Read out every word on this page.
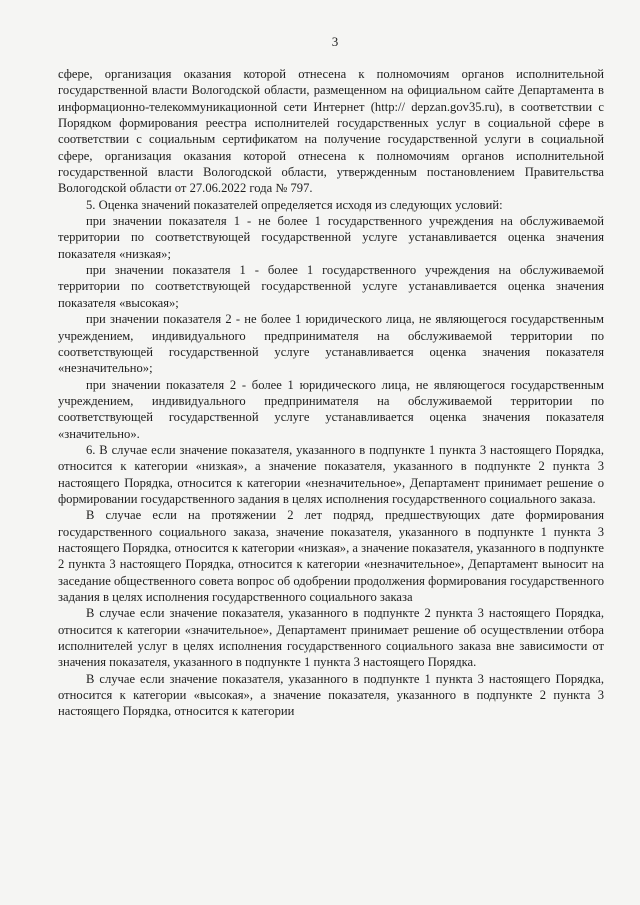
3

сфере, организация оказания которой отнесена к полномочиям органов исполнительной государственной власти Вологодской области, размещенном на официальном сайте Департамента в информационно-телекоммуникационной сети Интернет (http:// depzan.gov35.ru), в соответствии с Порядком формирования реестра исполнителей государственных услуг в социальной сфере в соответствии с социальным сертификатом на получение государственной услуги в социальной сфере, организация оказания которой отнесена к полномочиям органов исполнительной государственной власти Вологодской области, утвержденным постановлением Правительства Вологодской области от 27.06.2022 года № 797.

5. Оценка значений показателей определяется исходя из следующих условий:

при значении показателя 1 - не более 1 государственного учреждения на обслуживаемой территории по соответствующей государственной услуге устанавливается оценка значения показателя «низкая»;

при значении показателя 1 - более 1 государственного учреждения на обслуживаемой территории по соответствующей государственной услуге устанавливается оценка значения показателя «высокая»;

при значении показателя 2 - не более 1 юридического лица, не являющегося государственным учреждением, индивидуального предпринимателя на обслуживаемой территории по соответствующей государственной услуге устанавливается оценка значения показателя «незначительно»;

при значении показателя 2 - более 1 юридического лица, не являющегося государственным учреждением, индивидуального предпринимателя на обслуживаемой территории по соответствующей государственной услуге устанавливается оценка значения показателя «значительно».

6. В случае если значение показателя, указанного в подпункте 1 пункта 3 настоящего Порядка, относится к категории «низкая», а значение показателя, указанного в подпункте 2 пункта 3 настоящего Порядка, относится к категории «незначительное», Департамент принимает решение о формировании государственного задания в целях исполнения государственного социального заказа.

В случае если на протяжении 2 лет подряд, предшествующих дате формирования государственного социального заказа, значение показателя, указанного в подпункте 1 пункта 3 настоящего Порядка, относится к категории «низкая», а значение показателя, указанного в подпункте 2 пункта 3 настоящего Порядка, относится к категории «незначительное», Департамент выносит на заседание общественного совета вопрос об одобрении продолжения формирования государственного задания в целях исполнения государственного социального заказа

В случае если значение показателя, указанного в подпункте 2 пункта 3 настоящего Порядка, относится к категории «значительное», Департамент принимает решение об осуществлении отбора исполнителей услуг в целях исполнения государственного социального заказа вне зависимости от значения показателя, указанного в подпункте 1 пункта 3 настоящего Порядка.

В случае если значение показателя, указанного в подпункте 1 пункта 3 настоящего Порядка, относится к категории «высокая», а значение показателя, указанного в подпункте 2 пункта 3 настоящего Порядка, относится к категории
